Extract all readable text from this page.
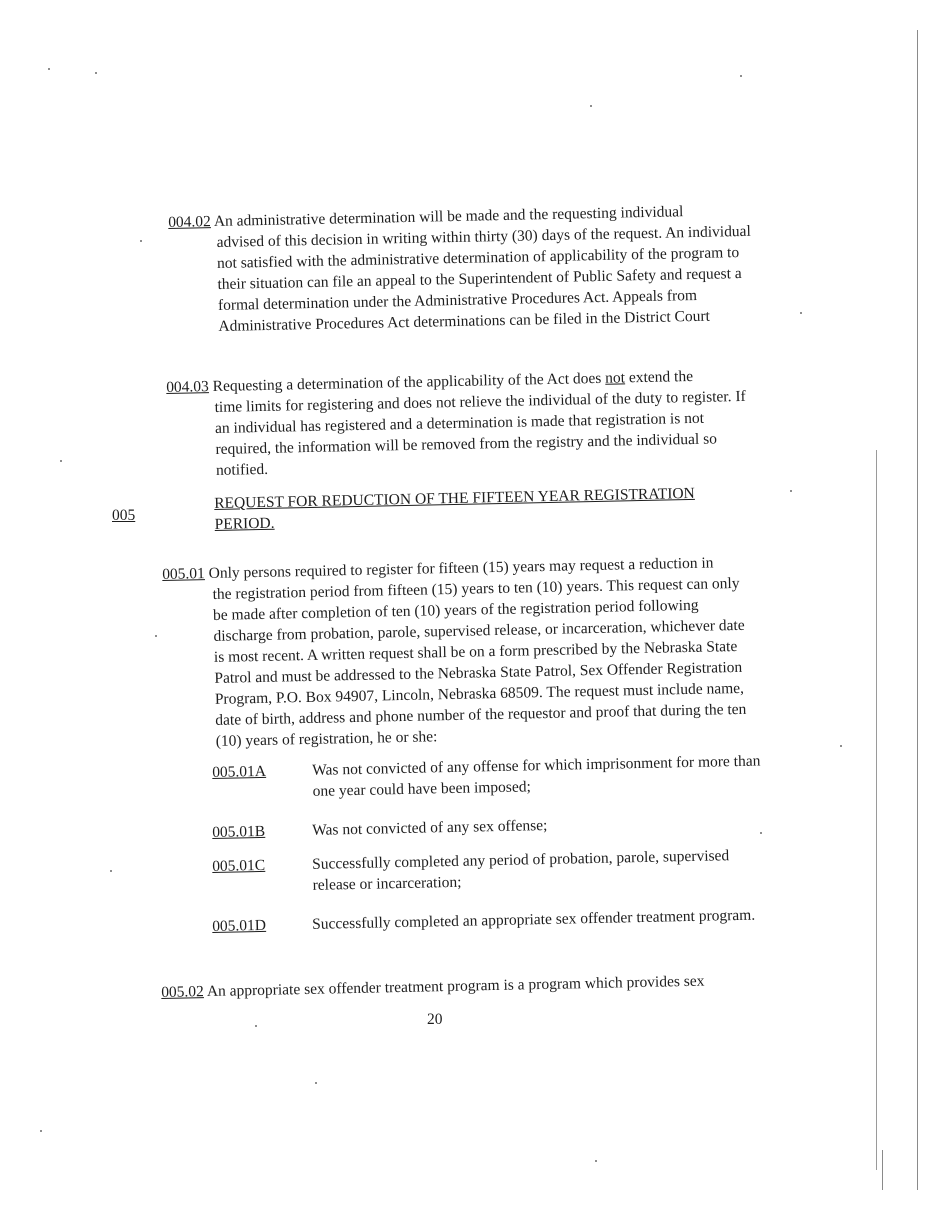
004.02 An administrative determination will be made and the requesting individual
advised of this decision in writing within thirty (30) days of the request. An individual not satisfied with the administrative determination of applicability of the program to their situation can file an appeal to the Superintendent of Public Safety and request a formal determination under the Administrative Procedures Act. Appeals from Administrative Procedures Act determinations can be filed in the District Court
004.03 Requesting a determination of the applicability of the Act does not extend the
time limits for registering and does not relieve the individual of the duty to register. If an individual has registered and a determination is made that registration is not required, the information will be removed from the registry and the individual so notified.
005
REQUEST FOR REDUCTION OF THE FIFTEEN YEAR REGISTRATION PERIOD.
005.01 Only persons required to register for fifteen (15) years may request a reduction in
the registration period from fifteen (15) years to ten (10) years. This request can only be made after completion of ten (10) years of the registration period following discharge from probation, parole, supervised release, or incarceration, whichever date is most recent. A written request shall be on a form prescribed by the Nebraska State Patrol and must be addressed to the Nebraska State Patrol, Sex Offender Registration Program, P.O. Box 94907, Lincoln, Nebraska 68509. The request must include name, date of birth, address and phone number of the requestor and proof that during the ten (10) years of registration, he or she:
005.01A	Was not convicted of any offense for which imprisonment for more than one year could have been imposed;
005.01B	Was not convicted of any sex offense;
005.01C	Successfully completed any period of probation, parole, supervised release or incarceration;
005.01D	Successfully completed an appropriate sex offender treatment program.
005.02 An appropriate sex offender treatment program is a program which provides sex
20
